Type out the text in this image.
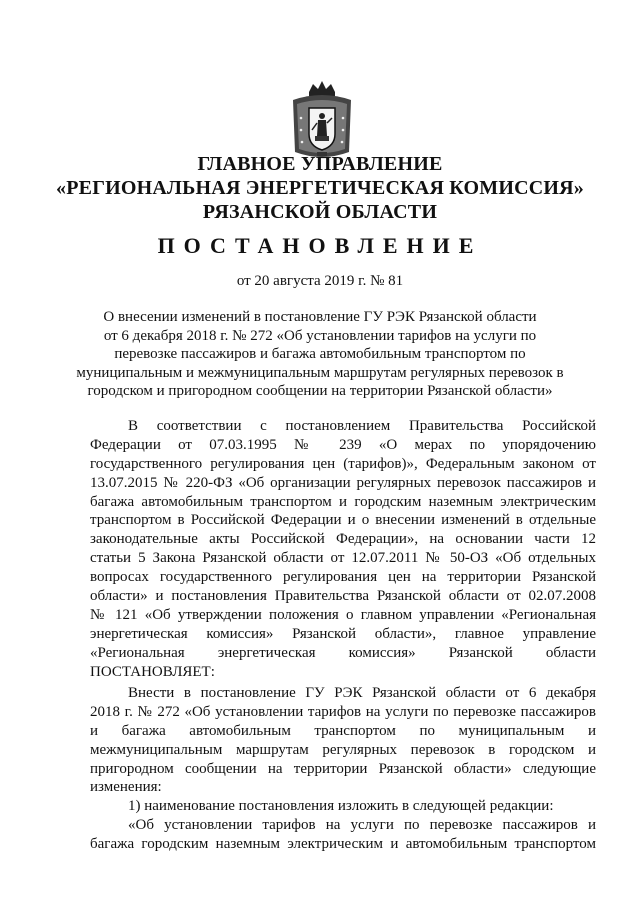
ГЛАВНОЕ УПРАВЛЕНИЕ
«РЕГИОНАЛЬНАЯ ЭНЕРГЕТИЧЕСКАЯ КОМИССИЯ»
РЯЗАНСКОЙ ОБЛАСТИ
ПОСТАНОВЛЕНИЕ
от 20 августа 2019 г. № 81
О внесении изменений в постановление ГУ РЭК Рязанской области
от 6 декабря 2018 г. № 272 «Об установлении тарифов на услуги по
перевозке пассажиров и багажа автомобильным транспортом по
муниципальным и межмуниципальным маршрутам регулярных перевозок в
городском и пригородном сообщении на территории Рязанской области»
В соответствии с постановлением Правительства Российской
Федерации от 07.03.1995 № 239 «О мерах по упорядочению
государственного регулирования цен (тарифов)», Федеральным законом от
13.07.2015 № 220-ФЗ «Об организации регулярных перевозок пассажиров и
багажа автомобильным транспортом и городским наземным электрическим
транспортом в Российской Федерации и о внесении изменений в отдельные
законодательные акты Российской Федерации», на основании части 12
статьи 5 Закона Рязанской области от 12.07.2011 № 50-ОЗ «Об отдельных
вопросах государственного регулирования цен на территории Рязанской
области» и постановления Правительства Рязанской области от 02.07.2008
№ 121 «Об утверждении положения о главном управлении «Региональная
энергетическая комиссия» Рязанской области», главное управление
«Региональная энергетическая комиссия» Рязанской области
ПОСТАНОВЛЯЕТ:
Внести в постановление ГУ РЭК Рязанской области от 6 декабря
2018 г. № 272 «Об установлении тарифов на услуги по перевозке пассажиров
и багажа автомобильным транспортом по муниципальным и
межмуниципальным маршрутам регулярных перевозок в городском и
пригородном сообщении на территории Рязанской области» следующие
изменения:
1) наименование постановления изложить в следующей редакции:
«Об установлении тарифов на услуги по перевозке пассажиров и
багажа городским наземным электрическим и автомобильным транспортом
